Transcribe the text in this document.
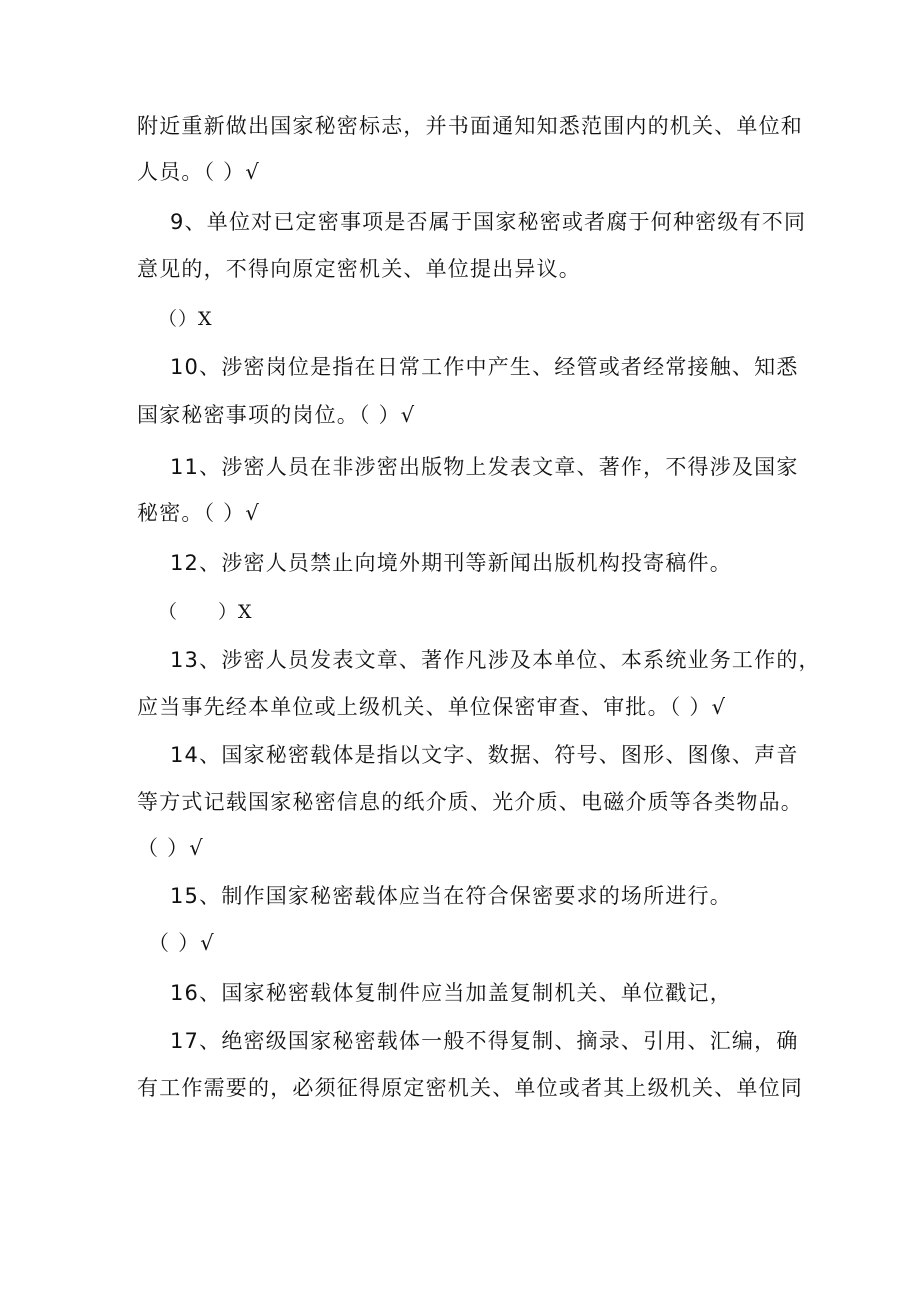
附近重新做出国家秘密标志，并书面通知知悉范围内的机关、单位和
人员。（ ）√
9、单位对已定密事项是否属于国家秘密或者腐于何种密级有不同
意见的，不得向原定密机关、单位提出异议。
（）X
10、涉密岗位是指在日常工作中产生、经管或者经常接触、知悉
国家秘密事项的岗位。（ ）√
11、涉密人员在非涉密出版物上发表文章、著作，不得涉及国家
秘密。（ ）√
12、涉密人员禁止向境外期刊等新闻出版机构投寄稿件。
（　　）X
13、涉密人员发表文章、著作凡涉及本单位、本系统业务工作的，
应当事先经本单位或上级机关、单位保密审查、审批。（ ）√
14、国家秘密载体是指以文字、数据、符号、图形、图像、声音
等方式记载国家秘密信息的纸介质、光介质、电磁介质等各类物品。
（ ）√
15、制作国家秘密载体应当在符合保密要求的场所进行。
（ ）√
16、国家秘密载体复制件应当加盖复制机关、单位戳记，
17、绝密级国家秘密载体一般不得复制、摘录、引用、汇编，确
有工作需要的，必须征得原定密机关、单位或者其上级机关、单位同
